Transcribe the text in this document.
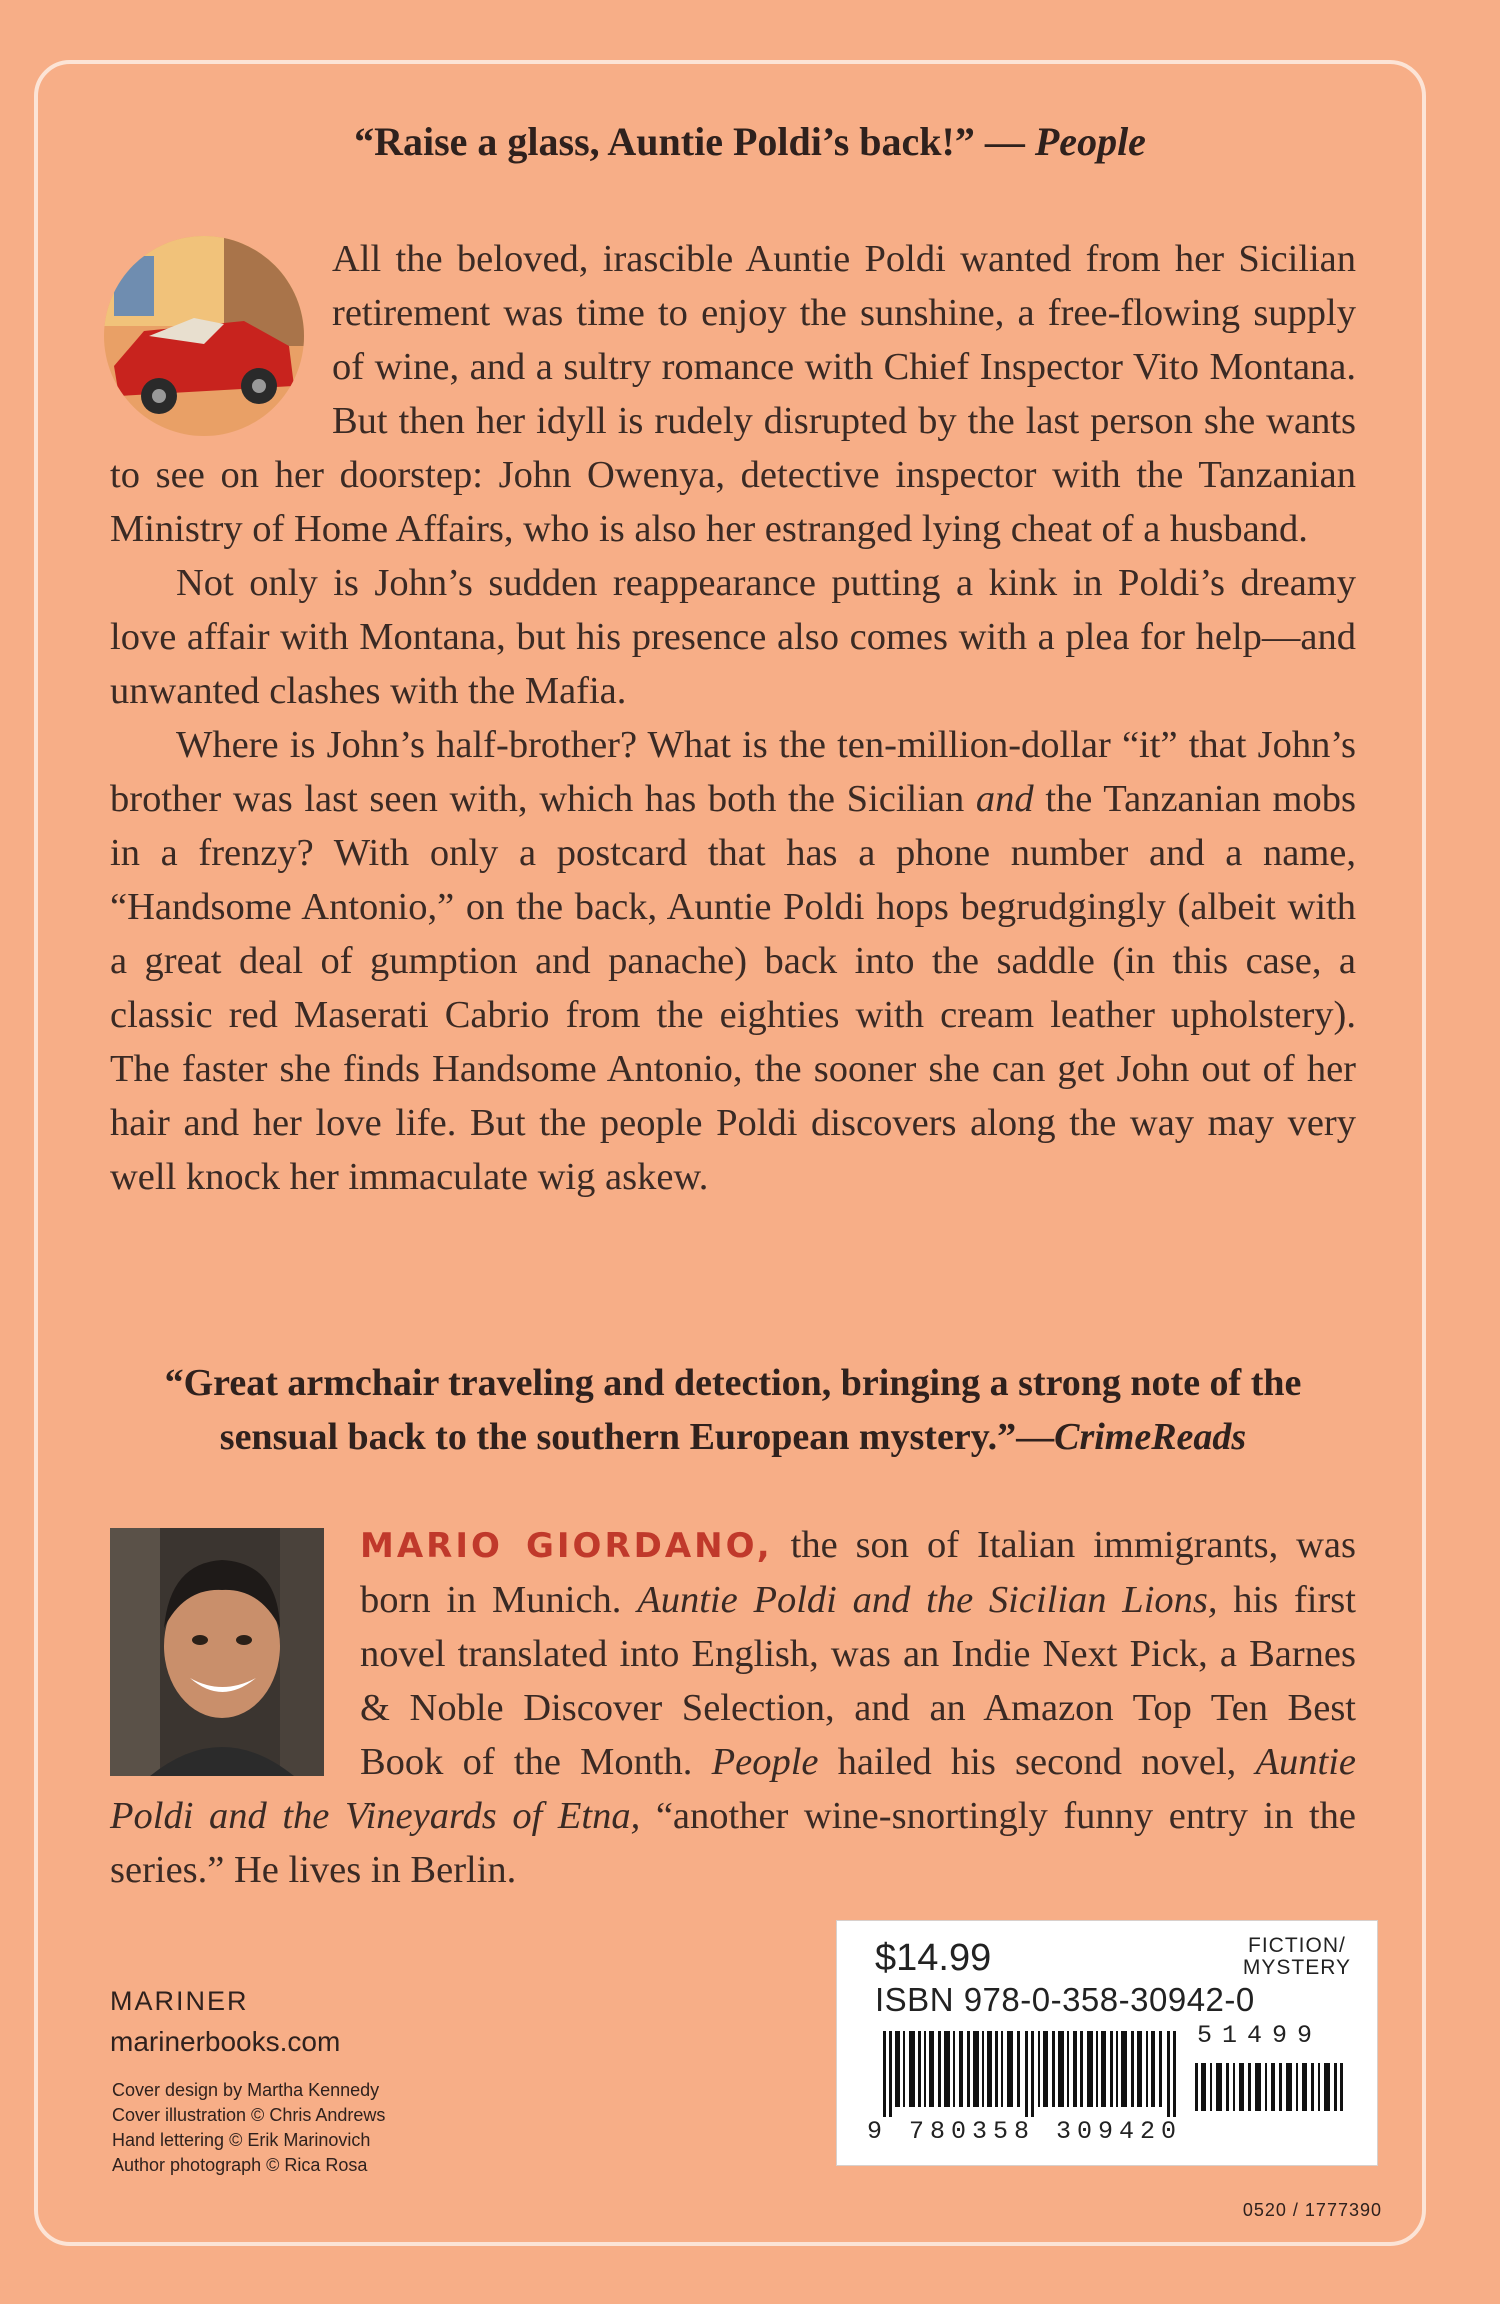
“Raise a glass, Auntie Poldi’s back!” — People

All the beloved, irascible Auntie Poldi wanted from her Sicilian retirement was time to enjoy the sunshine, a free-flowing supply of wine, and a sultry romance with Chief Inspector Vito Montana. But then her idyll is rudely disrupted by the last person she wants to see on her doorstep: John Owenya, detective inspector with the Tanzanian Ministry of Home Affairs, who is also her estranged lying cheat of a husband.

Not only is John’s sudden reappearance putting a kink in Poldi’s dreamy love affair with Montana, but his presence also comes with a plea for help—and unwanted clashes with the Mafia.

Where is John’s half-brother? What is the ten-million-dollar “it” that John’s brother was last seen with, which has both the Sicilian and the Tanzanian mobs in a frenzy? With only a postcard that has a phone number and a name, “Handsome Antonio,” on the back, Auntie Poldi hops begrudgingly (albeit with a great deal of gumption and panache) back into the saddle (in this case, a classic red Maserati Cabrio from the eighties with cream leather upholstery). The faster she finds Handsome Antonio, the sooner she can get John out of her hair and her love life. But the people Poldi discovers along the way may very well knock her immaculate wig askew.

“Great armchair traveling and detection, bringing a strong note of the sensual back to the southern European mystery.”—CrimeReads
MARIO GIORDANO, the son of Italian immigrants, was born in Munich. Auntie Poldi and the Sicilian Lions, his first novel translated into English, was an Indie Next Pick, a Barnes & Noble Discover Selection, and an Amazon Top Ten Best Book of the Month. People hailed his second novel, Auntie Poldi and the Vineyards of Etna, “another wine-snortingly funny entry in the series.” He lives in Berlin.
MARINER
marinerbooks.com
Cover design by Martha Kennedy
Cover illustration © Chris Andrews
Hand lettering © Erik Marinovich
Author photograph © Rica Rosa
$14.99	FICTION/
MYSTERY
ISBN 978-0-358-30942-0
51499
9 780358 309420
0520 / 1777390
